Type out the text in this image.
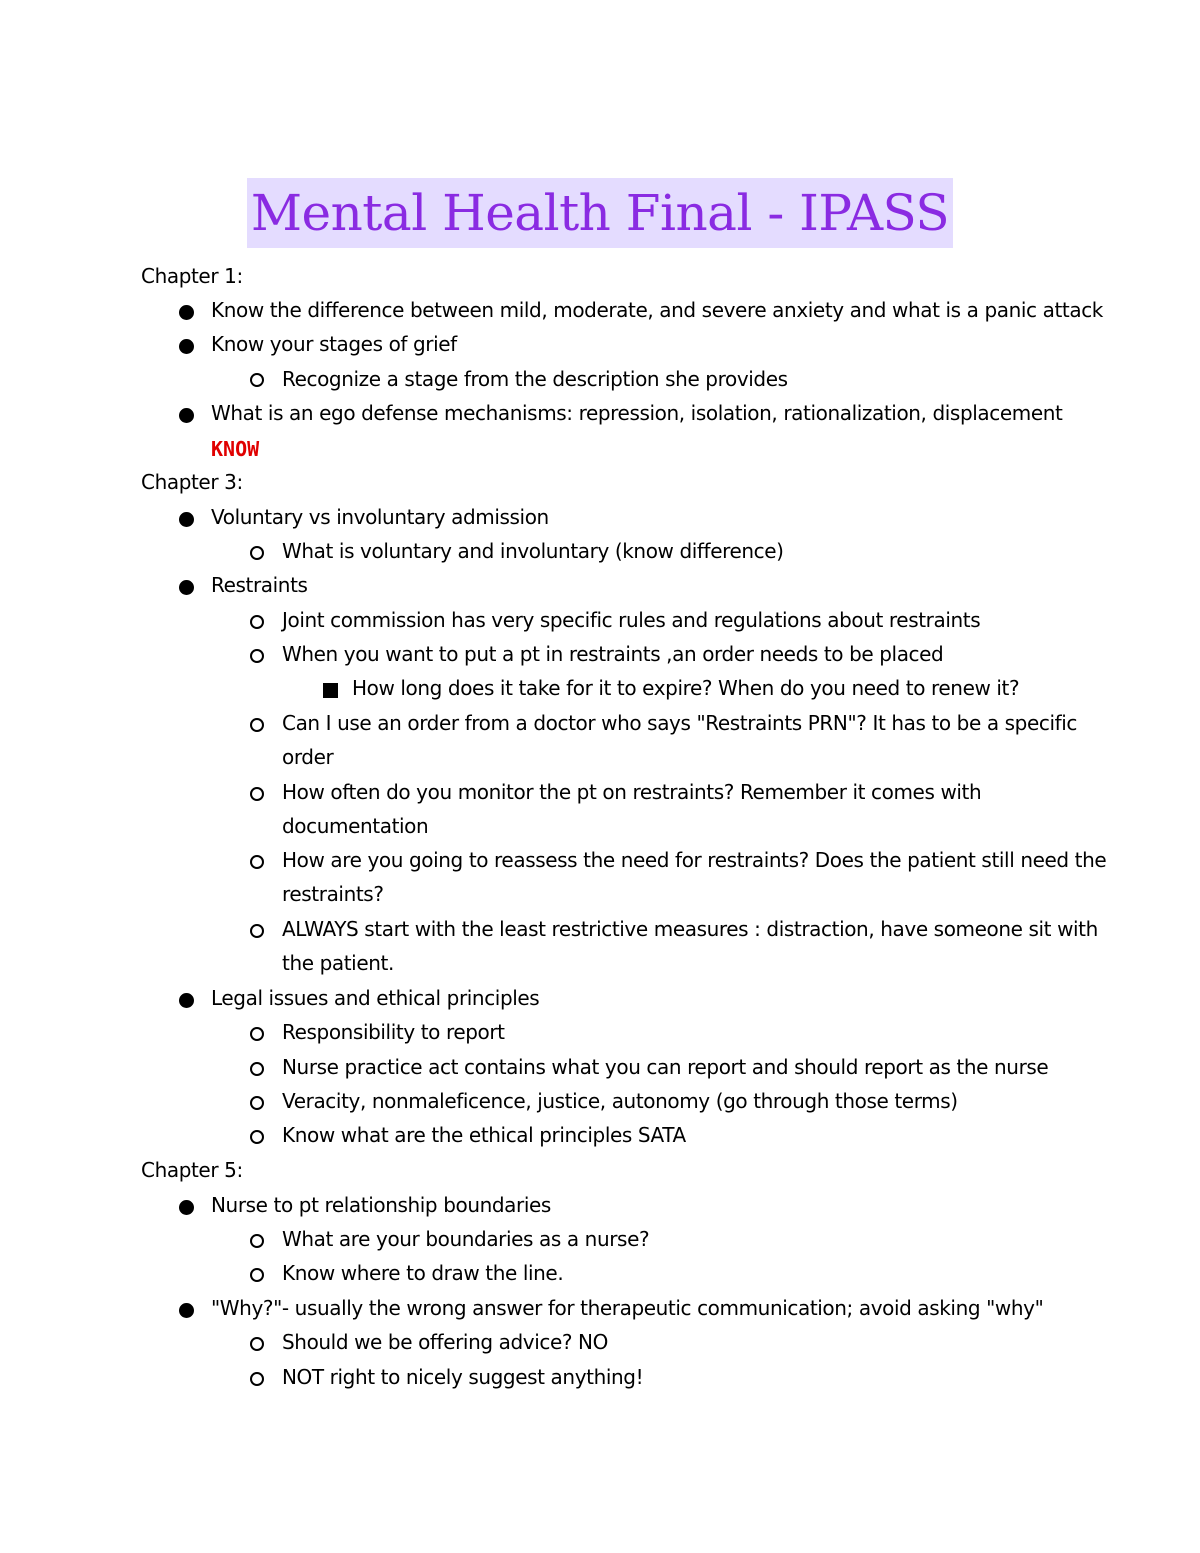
Mental Health Final - IPASS
Chapter 1:
Know the difference between mild, moderate, and severe anxiety and what is a panic attack
Know your stages of grief
Recognize a stage from the description she provides
What is an ego defense mechanisms: repression, isolation, rationalization, displacement
KNOW
Chapter 3:
Voluntary vs involuntary admission
What is voluntary and involuntary (know difference)
Restraints
Joint commission has very specific rules and regulations about restraints
When you want to put a pt in restraints ,an order needs to be placed
How long does it take for it to expire? When do you need to renew it?
Can I use an order from a doctor who says "Restraints PRN"? It has to be a specific
order
How often do you monitor the pt on restraints? Remember it comes with
documentation
How are you going to reassess the need for restraints? Does the patient still need the
restraints?
ALWAYS start with the least restrictive measures : distraction, have someone sit with
the patient.
Legal issues and ethical principles
Responsibility to report
Nurse practice act contains what you can report and should report as the nurse
Veracity, nonmaleficence, justice, autonomy (go through those terms)
Know what are the ethical principles SATA
Chapter 5:
Nurse to pt relationship boundaries
What are your boundaries as a nurse?
Know where to draw the line.
"Why?"- usually the wrong answer for therapeutic communication; avoid asking "why"
Should we be offering advice? NO
NOT right to nicely suggest anything!
